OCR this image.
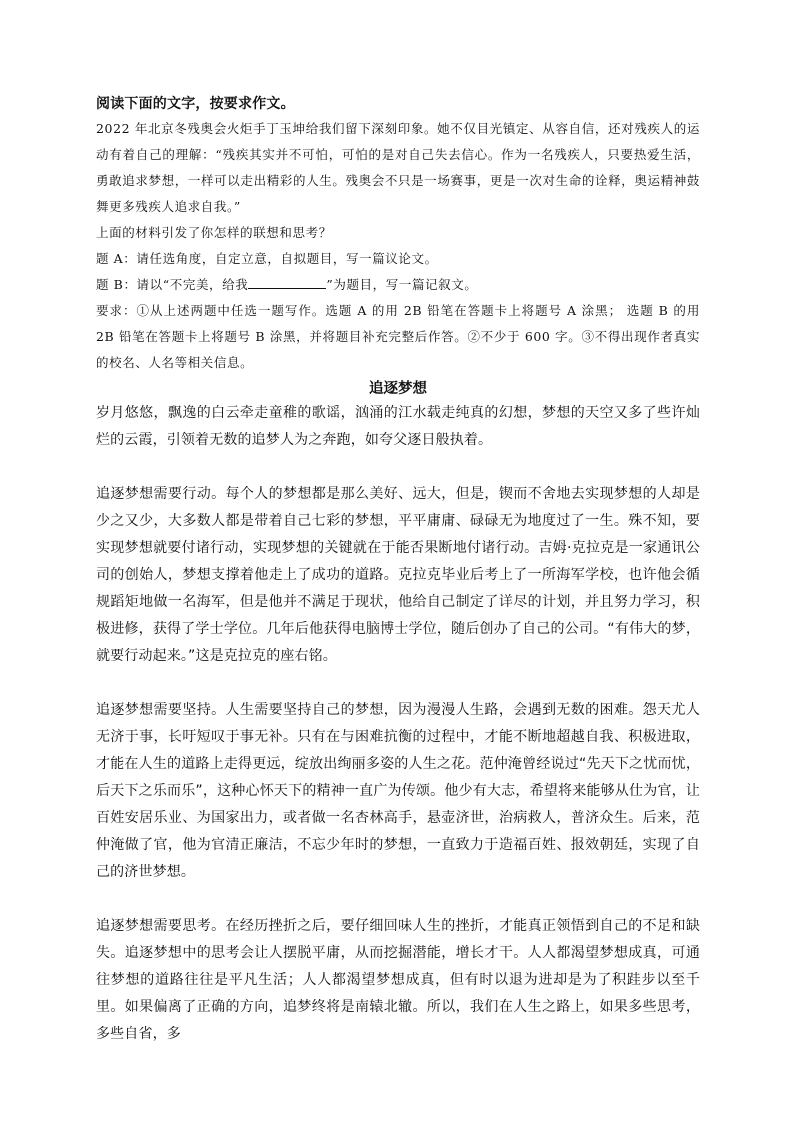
阅读下面的文字，按要求作文。

2022 年北京冬残奥会火炬手丁玉坤给我们留下深刻印象。她不仅目光镇定、从容自信，还对残疾人的运动有着自己的理解：“残疾其实并不可怕，可怕的是对自己失去信心。作为一名残疾人，只要热爱生活，勇敢追求梦想，一样可以走出精彩的人生。残奥会不只是一场赛事，更是一次对生命的诠释，奥运精神鼓舞更多残疾人追求自我。”

上面的材料引发了你怎样的联想和思考？

题 A：请任选角度，自定立意，自拟题目，写一篇议论文。

题 B：请以“不完美，给我	”为题目，写一篇记叙文。

要求：①从上述两题中任选一题写作。选题 A 的用 2B 铅笔在答题卡上将题号 A 涂黑； 选题 B 的用 2B 铅笔在答题卡上将题号 B 涂黑，并将题目补充完整后作答。②不少于 600 字。③不得出现作者真实的校名、人名等相关信息。

追逐梦想

岁月悠悠，飘逸的白云牵走童稚的歌谣，汹涌的江水载走纯真的幻想，梦想的天空又多了些许灿烂的云霞，引领着无数的追梦人为之奔跑，如夸父逐日般执着。

追逐梦想需要行动。每个人的梦想都是那么美好、远大，但是，锲而不舍地去实现梦想的人却是少之又少，大多数人都是带着自己七彩的梦想，平平庸庸、碌碌无为地度过了一生。殊不知，要实现梦想就要付诸行动，实现梦想的关键就在于能否果断地付诸行动。吉姆·克拉克是一家通讯公司的创始人，梦想支撑着他走上了成功的道路。克拉克毕业后考上了一所海军学校，也许他会循规蹈矩地做一名海军，但是他并不满足于现状，他给自己制定了详尽的计划，并且努力学习，积极进修，获得了学士学位。几年后他获得电脑博士学位，随后创办了自己的公司。“有伟大的梦，就要行动起来。”这是克拉克的座右铭。

追逐梦想需要坚持。人生需要坚持自己的梦想，因为漫漫人生路，会遇到无数的困难。怨天尤人无济于事，长吁短叹于事无补。只有在与困难抗衡的过程中，才能不断地超越自我、积极进取，才能在人生的道路上走得更远，绽放出绚丽多姿的人生之花。范仲淹曾经说过“先天下之忧而忧，后天下之乐而乐”，这种心怀天下的精神一直广为传颂。他少有大志，希望将来能够从仕为官，让百姓安居乐业、为国家出力，或者做一名杏林高手，悬壶济世，治病救人，普济众生。后来，范仲淹做了官，他为官清正廉洁，不忘少年时的梦想，一直致力于造福百姓、报效朝廷，实现了自己的济世梦想。

追逐梦想需要思考。在经历挫折之后，要仔细回味人生的挫折，才能真正领悟到自己的不足和缺失。追逐梦想中的思考会让人摆脱平庸，从而挖掘潜能，增长才干。人人都渴望梦想成真，可通往梦想的道路往往是平凡生活；人人都渴望梦想成真，但有时以退为进却是为了积跬步以至千里。如果偏离了正确的方向，追梦终将是南辕北辙。所以，我们在人生之路上，如果多些思考，多些自省，多
